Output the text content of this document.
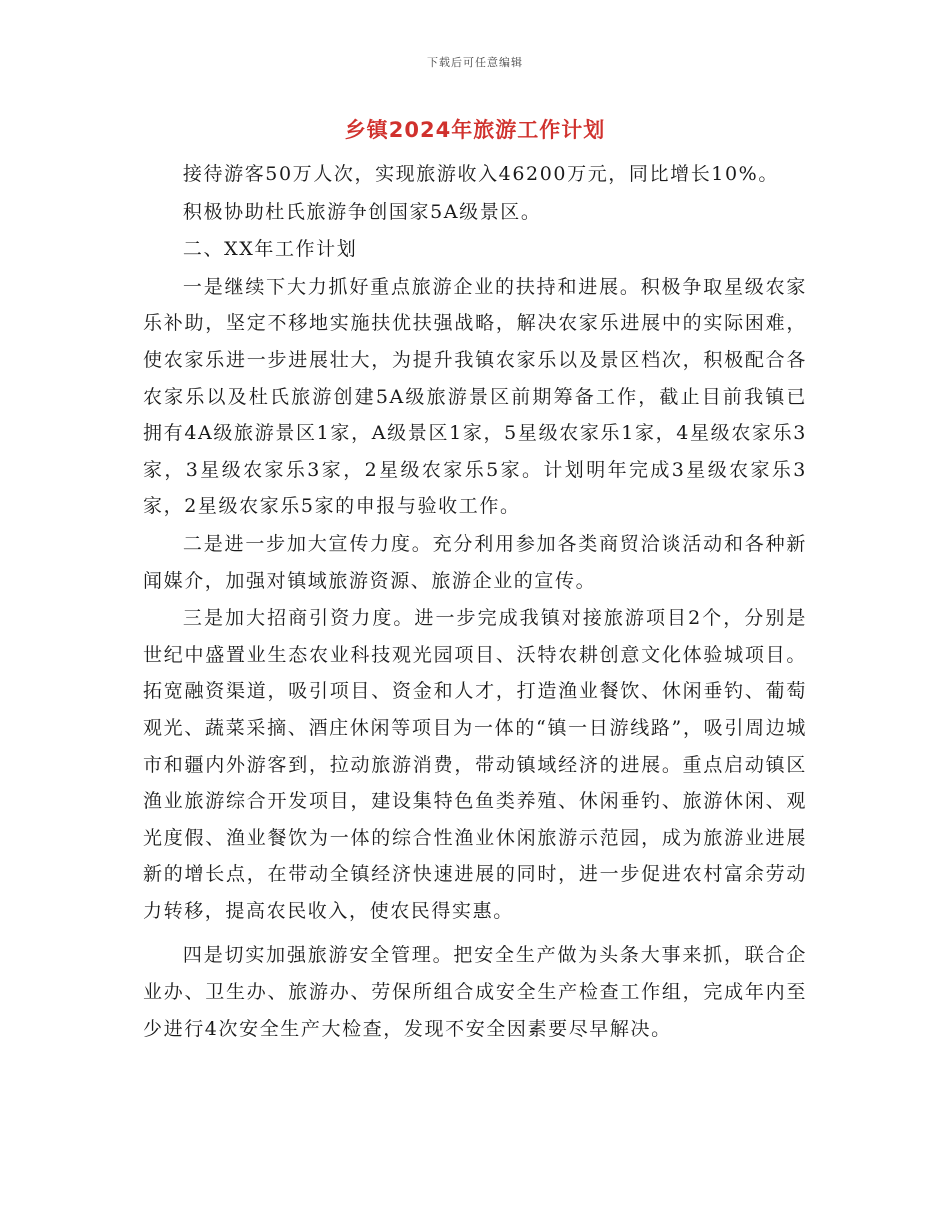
下载后可任意编辑
乡镇2024年旅游工作计划

接待游客50万人次，实现旅游收入46200万元，同比增长10%。

积极协助杜氏旅游争创国家5A级景区。

二、XX年工作计划

一是继续下大力抓好重点旅游企业的扶持和进展。积极争取星级农家乐补助，坚定不移地实施扶优扶强战略，解决农家乐进展中的实际困难，使农家乐进一步进展壮大，为提升我镇农家乐以及景区档次，积极配合各农家乐以及杜氏旅游创建5A级旅游景区前期筹备工作，截止目前我镇已拥有4A级旅游景区1家，A级景区1家，5星级农家乐1家，4星级农家乐3家，3星级农家乐3家，2星级农家乐5家。计划明年完成3星级农家乐3家，2星级农家乐5家的申报与验收工作。

二是进一步加大宣传力度。充分利用参加各类商贸洽谈活动和各种新闻媒介，加强对镇域旅游资源、旅游企业的宣传。

三是加大招商引资力度。进一步完成我镇对接旅游项目2个，分别是世纪中盛置业生态农业科技观光园项目、沃特农耕创意文化体验城项目。拓宽融资渠道，吸引项目、资金和人才，打造渔业餐饮、休闲垂钓、葡萄观光、蔬菜采摘、酒庄休闲等项目为一体的“镇一日游线路”，吸引周边城市和疆内外游客到，拉动旅游消费，带动镇域经济的进展。重点启动镇区渔业旅游综合开发项目，建设集特色鱼类养殖、休闲垂钓、旅游休闲、观光度假、渔业餐饮为一体的综合性渔业休闲旅游示范园，成为旅游业进展新的增长点，在带动全镇经济快速进展的同时，进一步促进农村富余劳动力转移，提高农民收入，使农民得实惠。

四是切实加强旅游安全管理。把安全生产做为头条大事来抓，联合企业办、卫生办、旅游办、劳保所组合成安全生产检查工作组，完成年内至少进行4次安全生产大检查，发现不安全因素要尽早解决。
